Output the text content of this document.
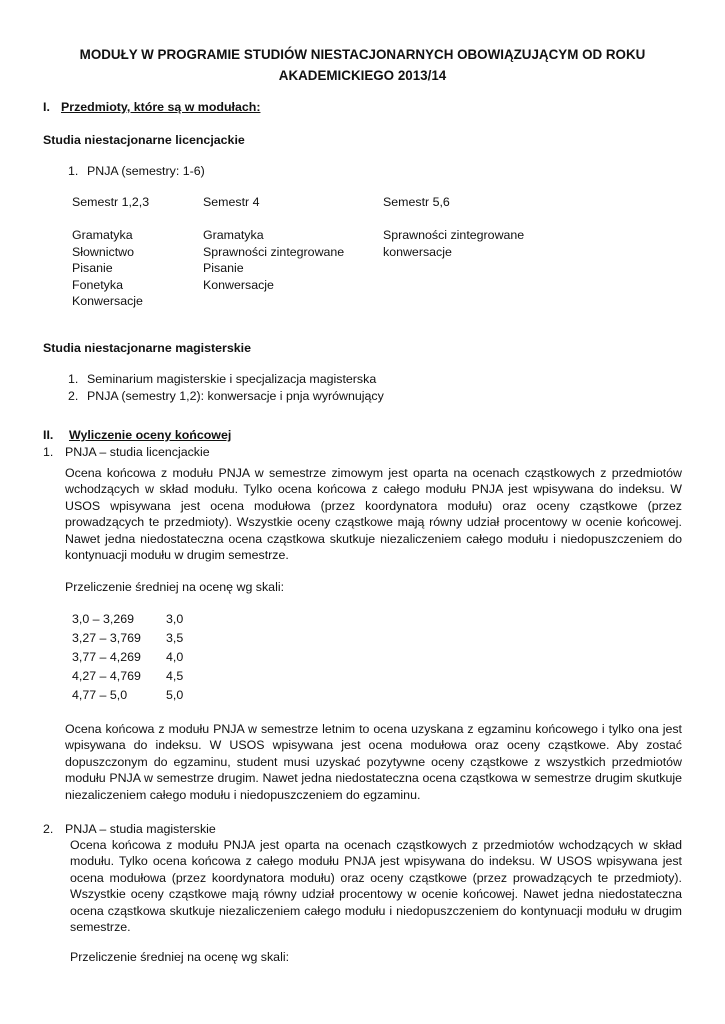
MODUŁY W PROGRAMIE STUDIÓW NIESTACJONARNYCH OBOWIĄZUJĄCYM OD ROKU
AKADEMICKIEGO 2013/14
I. Przedmioty, które są w modułach:
Studia niestacjonarne licencjackie
1. PNJA (semestry: 1-6)
Semestr 1,2,3
Gramatyka
Słownictwo
Pisanie
Fonetyka
Konwersacje
Semestr 4
Gramatyka
Sprawności zintegrowane
Pisanie
Konwersacje
Semestr 5,6
Sprawności zintegrowane
konwersacje
Studia niestacjonarne magisterskie
1. Seminarium magisterskie i specjalizacja magisterska
2. PNJA (semestry 1,2): konwersacje i pnja wyrównujący
II. Wyliczenie oceny końcowej
1. PNJA – studia licencjackie
Ocena końcowa z modułu PNJA w semestrze zimowym jest oparta na ocenach cząstkowych z przedmiotów wchodzących w skład modułu. Tylko ocena końcowa z całego modułu PNJA jest wpisywana do indeksu. W USOS wpisywana jest ocena modułowa (przez koordynatora modułu) oraz oceny cząstkowe (przez prowadzących te przedmioty). Wszystkie oceny cząstkowe mają równy udział procentowy w ocenie końcowej. Nawet jedna niedostateczna ocena cząstkowa skutkuje niezaliczeniem całego modułu i niedopuszczeniem do kontynuacji modułu w drugim semestrze.
Przeliczenie średniej na ocenę wg skali:
3,0 – 3,269
3,27 – 3,769
3,77 – 4,269
4,27 – 4,769
4,77 – 5,0
3,0
3,5
4,0
4,5
5,0
Ocena końcowa z modułu PNJA w semestrze letnim to ocena uzyskana z egzaminu końcowego i tylko ona jest wpisywana do indeksu. W USOS wpisywana jest ocena modułowa oraz oceny cząstkowe. Aby zostać dopuszczonym do egzaminu, student musi uzyskać pozytywne oceny cząstkowe z wszystkich przedmiotów modułu PNJA w semestrze drugim. Nawet jedna niedostateczna ocena cząstkowa w semestrze drugim skutkuje niezaliczeniem całego modułu i niedopuszczeniem do egzaminu.
2. PNJA – studia magisterskie
Ocena końcowa z modułu PNJA jest oparta na ocenach cząstkowych z przedmiotów wchodzących w skład modułu. Tylko ocena końcowa z całego modułu PNJA jest wpisywana do indeksu. W USOS wpisywana jest ocena modułowa (przez koordynatora modułu) oraz oceny cząstkowe (przez prowadzących te przedmioty). Wszystkie oceny cząstkowe mają równy udział procentowy w ocenie końcowej. Nawet jedna niedostateczna ocena cząstkowa skutkuje niezaliczeniem całego modułu i niedopuszczeniem do kontynuacji modułu w drugim semestrze.
Przeliczenie średniej na ocenę wg skali:
